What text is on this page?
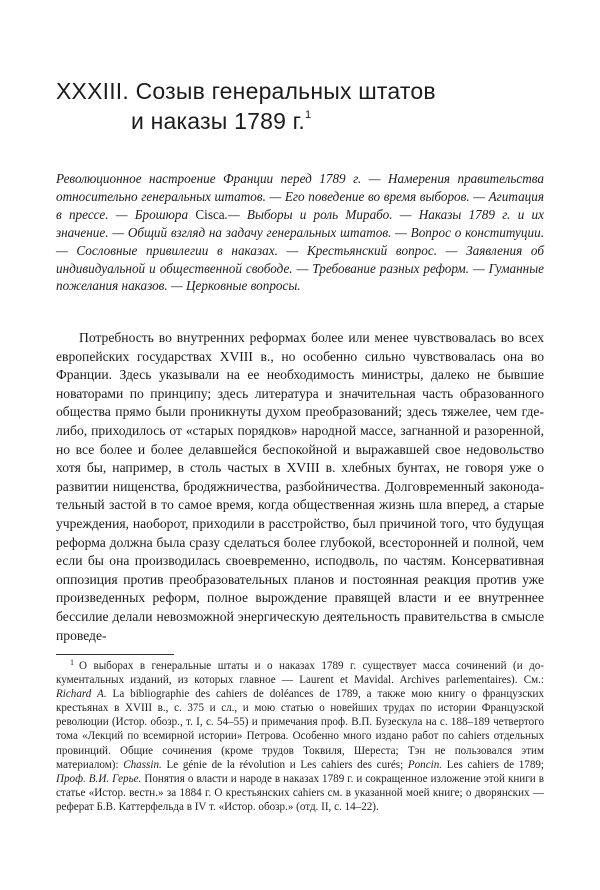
XXXIII. Созыв генеральных штатов
и наказы 1789 г.$^1$
Революционное настроение Франции перед 1789 г. — Намерения правительства относительно генеральных штатов. — Его поведение во время выборов. — Агитация в прессе. — Брошюра Cisca.— Выборы и роль Мирабо. — Наказы 1789 г. и их значение. — Общий взгляд на задачу генеральных штатов. — Вопрос о конституции. — Сословные привилегии в наказах. — Крестьянский вопрос. — Заявления об индивидуальной и общественной свободе. — Требование разных реформ. — Гуманные пожелания наказов. — Церковные вопросы.

Потребность во внутренних реформах более или менее чувствовалась во всех европейских государствах XVIII в., но особенно сильно чувствовалась она во Франции. Здесь указывали на ее необходимость министры, далеко не бывшие новаторами по принципу; здесь литература и значительная часть образованного общества прямо были проникнуты духом преобразований; здесь тяжелее, чем где-либо, приходилось от «старых порядков» народной массе, загнанной и разоренной, но все более и более делавшейся беспокойной и выражавшей свое недовольство хотя бы, например, в столь частых в XVIII в. хлебных бунтах, не говоря уже о развитии нищенства, бродяжничества, разбойничества. Долговременный законодательный застой в то самое время, когда общественная жизнь шла вперед, а старые учреждения, наоборот, приходили в расстройство, был причиной того, что будущая реформа должна была сразу сделаться более глубокой, всесторонней и полной, чем если бы она производилась своевременно, исподволь, по частям. Консервативная оппозиция против преобразовательных планов и постоянная реакция против уже произведенных реформ, полное вырождение правящей власти и ее внутреннее бессилие делали невозможной энергическую деятельность правительства в смысле проведе-

1 О выборах в генеральные штаты и о наказах 1789 г. существует масса сочинений (и документальных изданий, из которых главное — Laurent et Mavidal. Archives parlementaires). См.: Richard A. La bibliographie des cahiers de doléances de 1789, а также мою книгу о французских крестьянах в XVIII в., с. 375 и сл., и мою статью о новейших трудах по истории Французской революции (Истор. обозр., т. I, с. 54–55) и примечания проф. В.П. Бузескула на с. 188–189 четвертого тома «Лекций по всемирной истории» Петрова. Особенно много издано работ по cahiers отдельных провинций. Общие сочинения (кроме трудов Токвиля, Шереста; Тэн не пользовался этим материалом): Chassin. Le génie de la révolution и Les cahiers des curés; Poncin. Les cahiers de 1789; Проф. В.И. Герье. Понятия о власти и народе в наказах 1789 г. и сокращенное изложение этой книги в статье «Истор. вестн.» за 1884 г. О крестьянских cahiers см. в указанной моей книге; о дворянских — реферат Б.В. Каттерфельда в IV т. «Истор. обозр.» (отд. II, с. 14–22).
